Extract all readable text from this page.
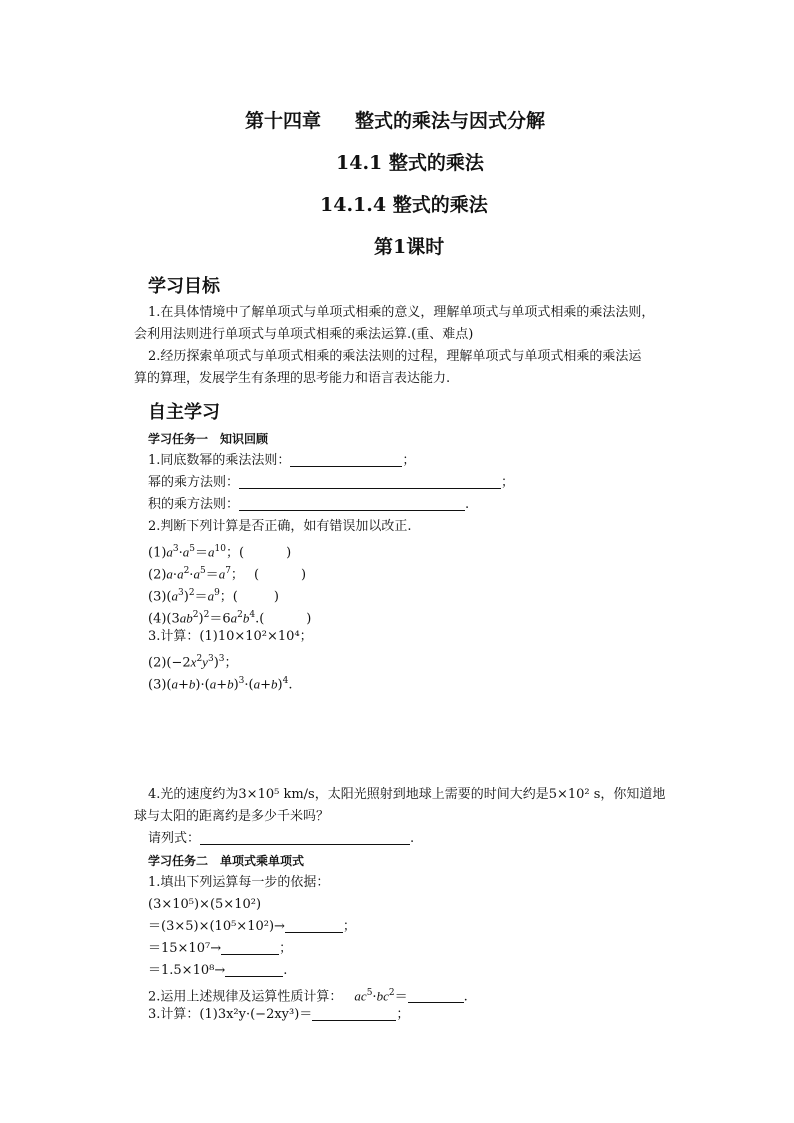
第十四章 整式的乘法与因式分解
14.1 整式的乘法
14.1.4 整式的乘法
第1课时
学习目标
1.在具体情境中了解单项式与单项式相乘的意义，理解单项式与单项式相乘的乘法法则，
会利用法则进行单项式与单项式相乘的乘法运算.(重、难点)
2.经历探索单项式与单项式相乘的乘法法则的过程，理解单项式与单项式相乘的乘法运
算的算理，发展学生有条理的思考能力和语言表达能力.
自主学习
学习任务一　知识回顾
1.同底数幂的乘法法则：	；
幂的乘方法则：	；
积的乘方法则：	.
2.判断下列计算是否正确，如有错误加以改正.
$(1)a^3\cdot a^5=a^{10}$；(	)
$(2)a\cdot a^2\cdot a^5=a^7$； (	)
$(3)(a^3)^2=a^9$；(	)
$(4)(3ab^2)^2=6a^2b^4$.(	)
3.计算：(1)10×10²×10⁴；
$(2)(-2x^2y^3)^3$；
$(3)(a+b)\cdot(a+b)^3\cdot(a+b)^4$.
4.光的速度约为3×10⁵ km/s，太阳光照射到地球上需要的时间大约是5×10² s，你知道地
球与太阳的距离约是多少千米吗？
请列式：	.
学习任务二　单项式乘单项式
1.填出下列运算每一步的依据：
(3×10⁵)×(5×10²)
＝(3×5)×(10⁵×10²)→	；
＝15×10⁷→	；
＝1.5×10⁸→	.
2.运用上述规律及运算性质计算： $ac^5\cdot bc^2=$	.
3.计算：(1)3x²y·(−2xy³)＝	；
